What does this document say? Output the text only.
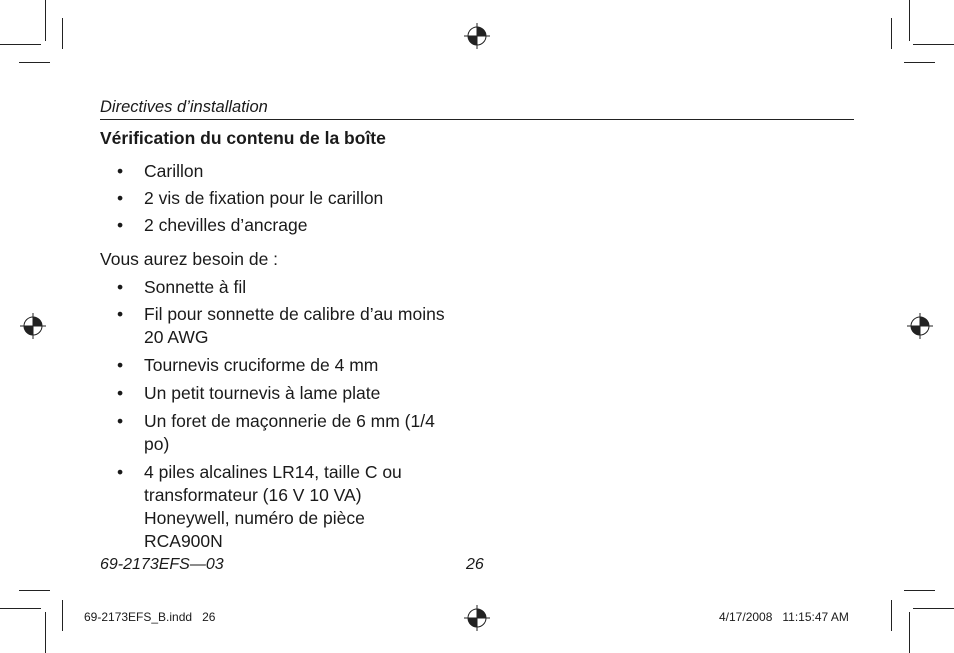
Directives d’installation
Vérification du contenu de la boîte
• Carillon
• 2 vis de fixation pour le carillon
• 2 chevilles d’ancrage
Vous aurez besoin de :
• Sonnette à fil
• Fil pour sonnette de calibre d’au moins 20 AWG
• Tournevis cruciforme de 4 mm
• Un petit tournevis à lame plate
• Un foret de maçonnerie de 6 mm (1/4 po)
• 4 piles alcalines LR14, taille C ou transformateur (16 V 10 VA) Honeywell, numéro de pièce RCA900N
69-2173EFS—03	26
69-2173EFS_B.indd   26	4/17/2008   11:15:47 AM
